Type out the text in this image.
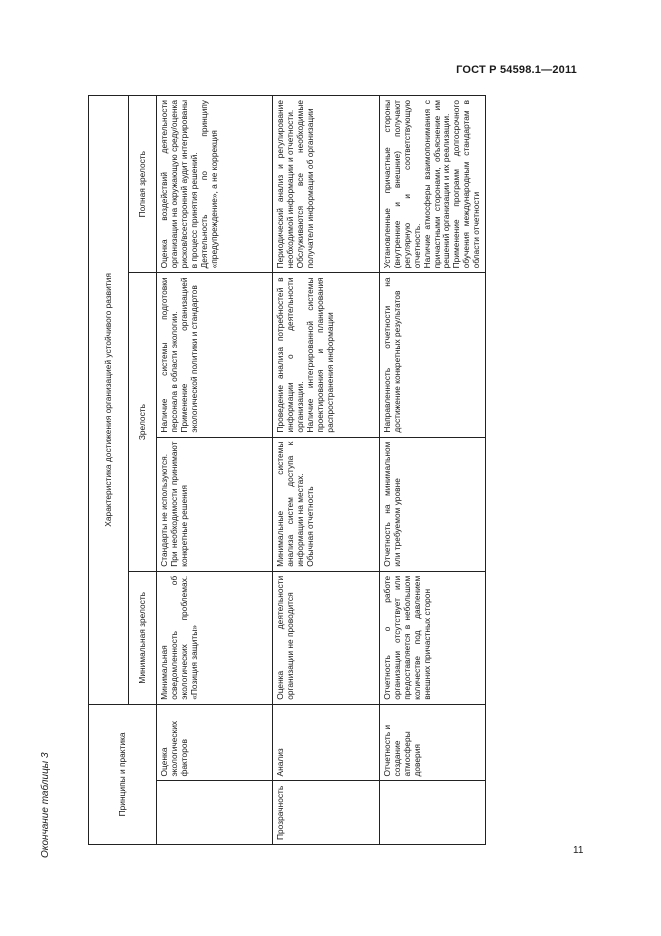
ГОСТ Р 54598.1—2011
Окончание таблицы 3	Принципы и практика		Характеристика достижения организацией устойчивого развития			
		Минимальная зрелость	Зрелость		Полная зрелость
	Оценка экологических факторов	Минимальная осведомленность об экологических проблемах. «Позиция защиты»	Стандарты не используются. При необходимости принимают конкретные решения	Наличие системы подготовки персонала в области экологии. Применение организацией экологической политики и стандартов	Оценка воздействий деятельности организации на окружающую среду/оценка рисков/всесторонний аудит интегрированы в процесс принятия решений. Деятельность по принципу «предупреждение», а не коррекция

Прозрачность	Анализ	Оценка деятельности организации не проводится	Минимальные системы анализа систем доступа к информации на местах. Обычная отчетность	Проведение анализа потребностей в информации о деятельности организации. Наличие интегрированной системы проектирования и планирования распространения информации	Периодический анализ и регулирование необходимой информации и отчетности. Обслуживаются все необходимые получатели информации об организации

	Отчетность и создание атмосферы доверия	Отчетность о работе организации отсутствует или предоставляется в небольшом количестве под давлением внешних причастных сторон	Отчетность на минимальном или требуемом уровне	Направленность отчетности на достижение конкретных результатов	Установленные причастные стороны (внутренние и внешние) получают регулярную и соответствующую отчетность. Наличие атмосферы взаимопонимания с причастными сторонами, объяснение им решений организации и их реализации. Применение программ долгосрочного обучения международным стандартам в области отчетности
11
